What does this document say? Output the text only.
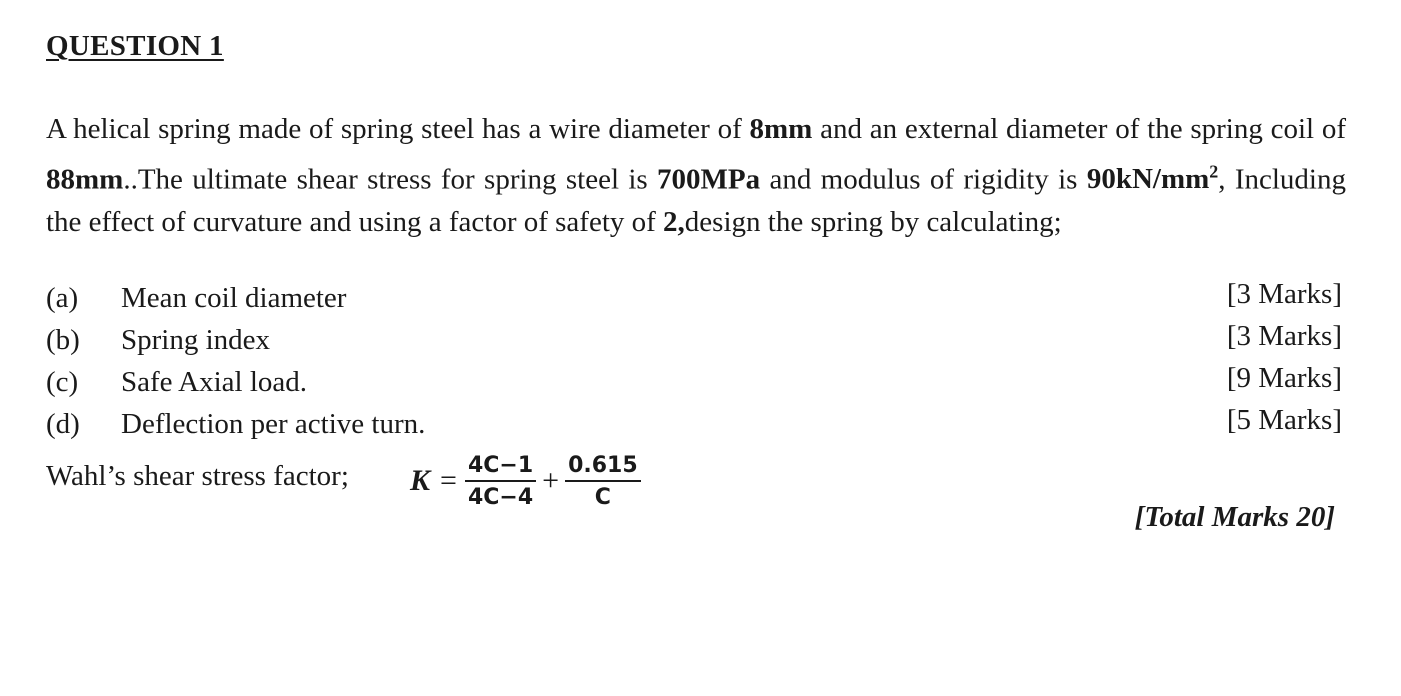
QUESTION 1
A helical spring made of spring steel has a wire diameter of 8mm and an external diameter of the spring coil of 88mm..The ultimate shear stress for spring steel is 700MPa and modulus of rigidity is $90kN/mm^2$, Including the effect of curvature and using a factor of safety of 2,design the spring by calculating;
(a) Mean coil diameter	[3 Marks]
(b) Spring index	[3 Marks]
(c) Safe Axial load.	[9 Marks]
(d) Deflection per active turn.	[5 Marks]
Wahl’s shear stress factor; $K = \frac{4C-1}{4C-4} + \frac{0.615}{C}$
[Total Marks 20]
